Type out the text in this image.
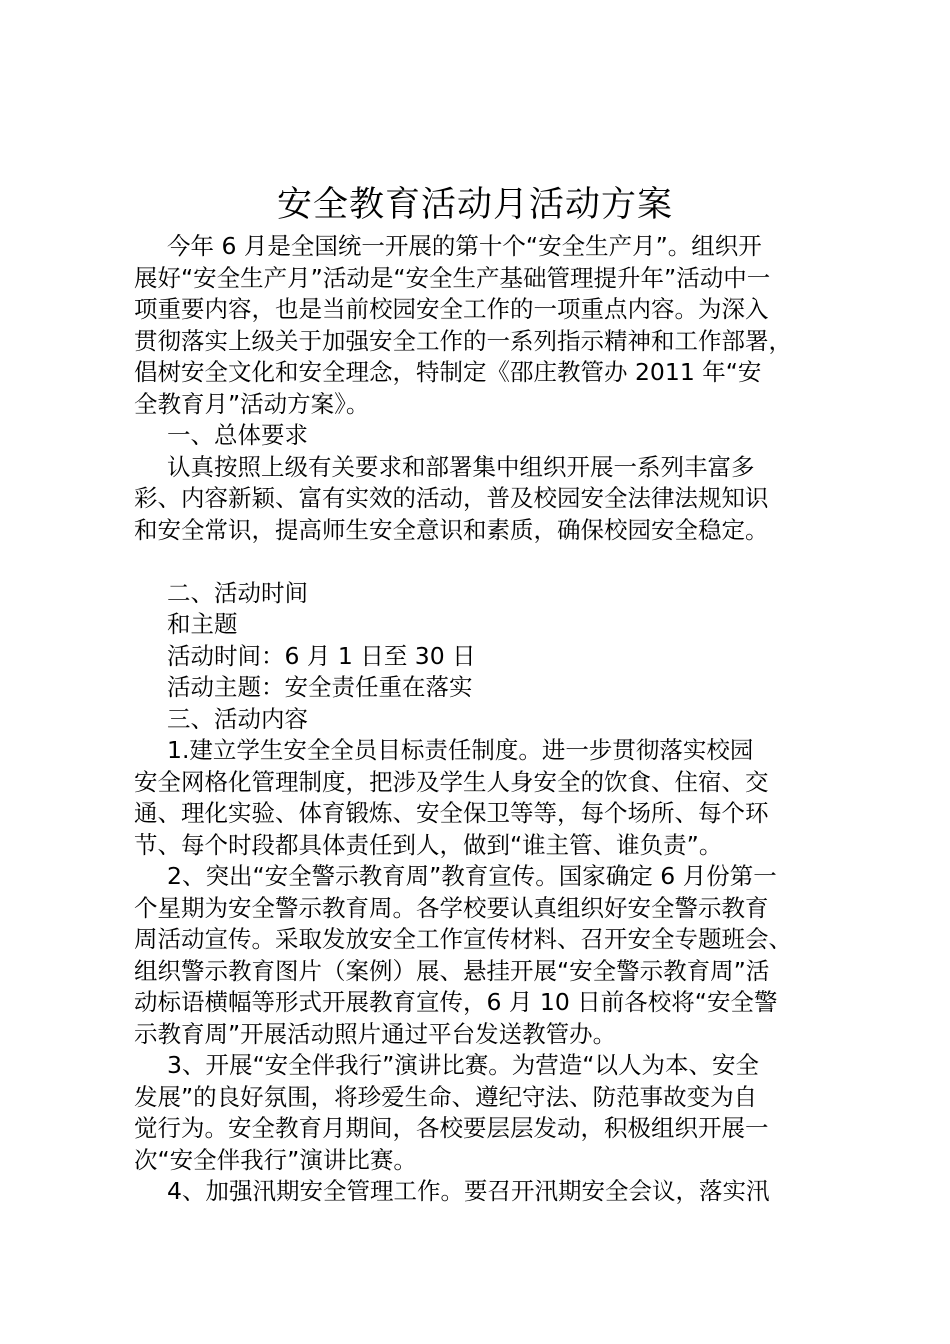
安全教育活动月活动方案
今年 6 月是全国统一开展的第十个“安全生产月”。组织开
展好“安全生产月”活动是“安全生产基础管理提升年”活动中一
项重要内容，也是当前校园安全工作的一项重点内容。为深入
贯彻落实上级关于加强安全工作的一系列指示精神和工作部署，
倡树安全文化和安全理念，特制定《邵庄教管办 2011 年“安
全教育月”活动方案》。
一、总体要求
认真按照上级有关要求和部署集中组织开展一系列丰富多
彩、内容新颖、富有实效的活动，普及校园安全法律法规知识
和安全常识，提高师生安全意识和素质，确保校园安全稳定。
二、活动时间
和主题
活动时间：6 月 1 日至 30 日
活动主题：安全责任重在落实
三、活动内容
1.建立学生安全全员目标责任制度。进一步贯彻落实校园
安全网格化管理制度，把涉及学生人身安全的饮食、住宿、交
通、理化实验、体育锻炼、安全保卫等等，每个场所、每个环
节、每个时段都具体责任到人，做到“谁主管、谁负责”。
2、突出“安全警示教育周”教育宣传。国家确定 6 月份第一
个星期为安全警示教育周。各学校要认真组织好安全警示教育
周活动宣传。采取发放安全工作宣传材料、召开安全专题班会、
组织警示教育图片（案例）展、悬挂开展“安全警示教育周”活
动标语横幅等形式开展教育宣传，6 月 10 日前各校将“安全警
示教育周”开展活动照片通过平台发送教管办。
3、开展“安全伴我行”演讲比赛。为营造“以人为本、安全
发展”的良好氛围，将珍爱生命、遵纪守法、防范事故变为自
觉行为。安全教育月期间，各校要层层发动，积极组织开展一
次“安全伴我行”演讲比赛。
4、加强汛期安全管理工作。要召开汛期安全会议，落实汛
